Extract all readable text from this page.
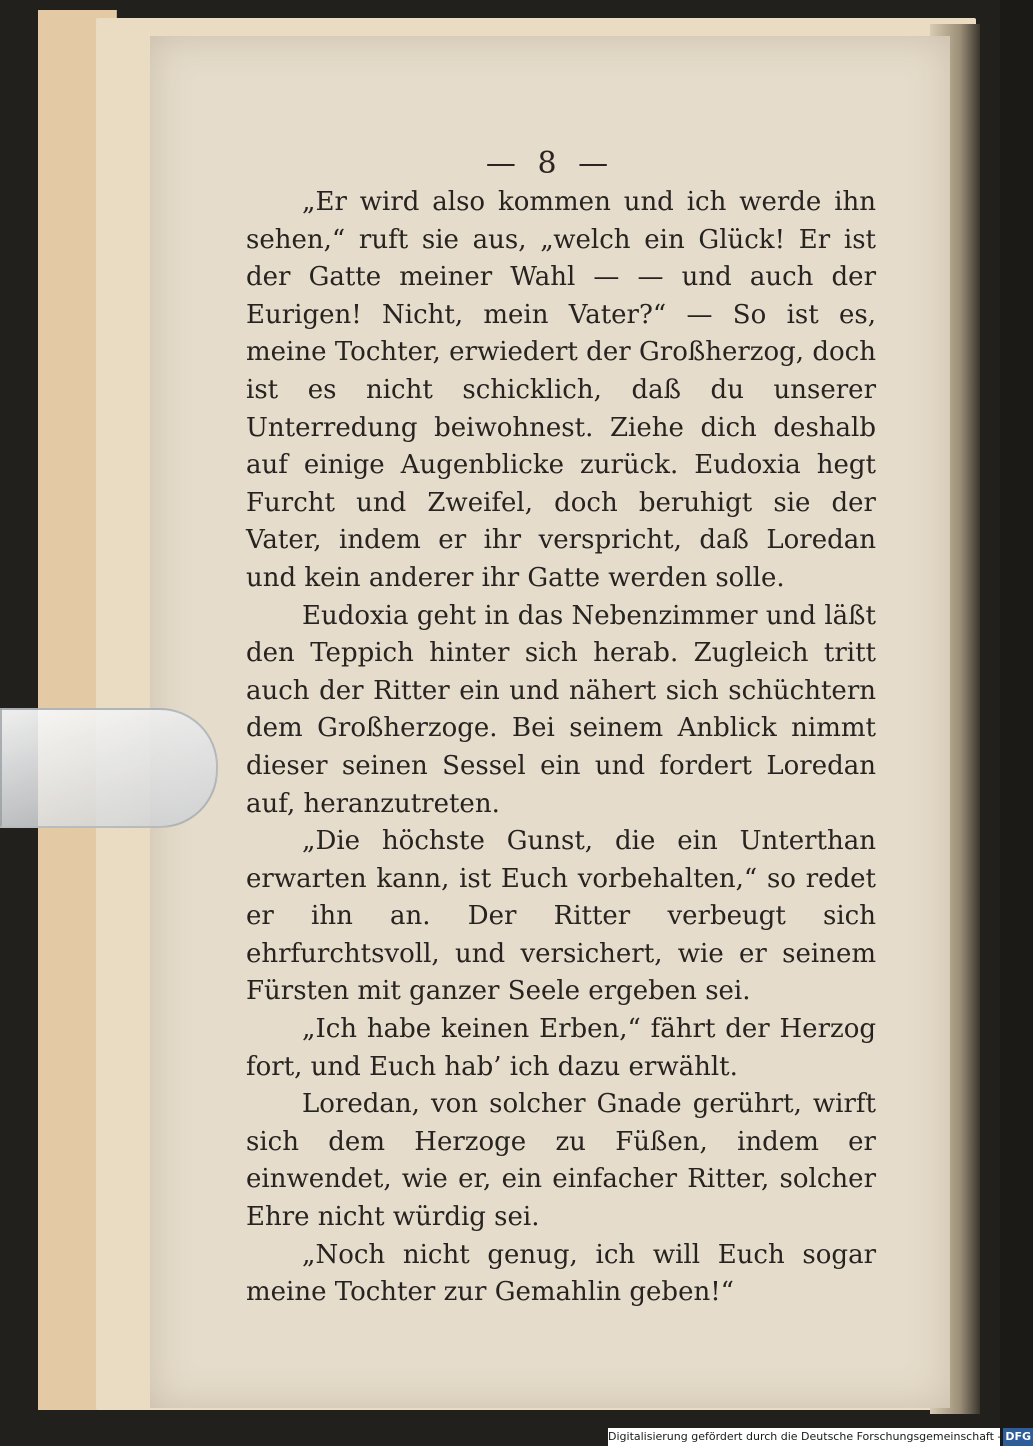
— 8 —

„Er wird also kommen und ich werde ihn sehen,“ ruft sie aus, „welch ein Glück! Er ist der Gatte meiner Wahl — — und auch der Eurigen! Nicht, mein Vater?“ — So ist es, meine Tochter, erwiedert der Großherzog, doch ist es nicht schicklich, daß du unserer Unterredung beiwohnest. Ziehe dich deshalb auf einige Augenblicke zurück. Eudoxia hegt Furcht und Zweifel, doch beruhigt sie der Vater, indem er ihr verspricht, daß Loredan und kein anderer ihr Gatte werden solle.

Eudoxia geht in das Nebenzimmer und läßt den Teppich hinter sich herab. Zugleich tritt auch der Ritter ein und nähert sich schüchtern dem Großherzoge. Bei seinem Anblick nimmt dieser seinen Sessel ein und fordert Loredan auf, heranzutreten.

„Die höchste Gunst, die ein Unterthan erwarten kann, ist Euch vorbehalten,“ so redet er ihn an. Der Ritter verbeugt sich ehrfurchtsvoll, und versichert, wie er seinem Fürsten mit ganzer Seele ergeben sei.

„Ich habe keinen Erben,“ fährt der Herzog fort, und Euch hab’ ich dazu erwählt.

Loredan, von solcher Gnade gerührt, wirft sich dem Herzoge zu Füßen, indem er einwendet, wie er, ein einfacher Ritter, solcher Ehre nicht würdig sei.

„Noch nicht genug, ich will Euch sogar meine Tochter zur Gemahlin geben!“

Digitalisierung gefördert durch die Deutsche Forschungsgemeinschaft - DFG
